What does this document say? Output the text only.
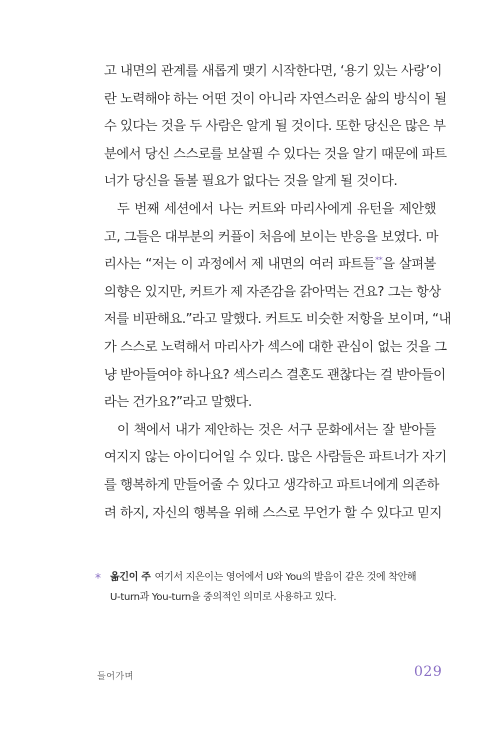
고 내면의 관계를 새롭게 맺기 시작한다면, ‘용기 있는 사랑’이
란 노력해야 하는 어떤 것이 아니라 자연스러운 삶의 방식이 될
수 있다는 것을 두 사람은 알게 될 것이다. 또한 당신은 많은 부
분에서 당신 스스로를 보살필 수 있다는 것을 알기 때문에 파트
너가 당신을 돌볼 필요가 없다는 것을 알게 될 것이다.
두 번째 세션에서 나는 커트와 마리사에게 유턴을 제안했
고, 그들은 대부분의 커플이 처음에 보이는 반응을 보였다. 마
리사는 “저는 이 과정에서 제 내면의 여러 파트들**을 살펴볼
의향은 있지만, 커트가 제 자존감을 갉아먹는 건요? 그는 항상
저를 비판해요.”라고 말했다. 커트도 비슷한 저항을 보이며, “내
가 스스로 노력해서 마리사가 섹스에 대한 관심이 없는 것을 그
냥 받아들여야 하나요? 섹스리스 결혼도 괜찮다는 걸 받아들이
라는 건가요?”라고 말했다.
이 책에서 내가 제안하는 것은 서구 문화에서는 잘 받아들
여지지 않는 아이디어일 수 있다. 많은 사람들은 파트너가 자기
를 행복하게 만들어줄 수 있다고 생각하고 파트너에게 의존하
려 하지, 자신의 행복을 위해 스스로 무언가 할 수 있다고 믿지
* 옮긴이 주 여기서 지은이는 영어에서 U와 You의 발음이 같은 것에 착안해
U-turn과 You-turn을 중의적인 의미로 사용하고 있다.
들어가며	029
